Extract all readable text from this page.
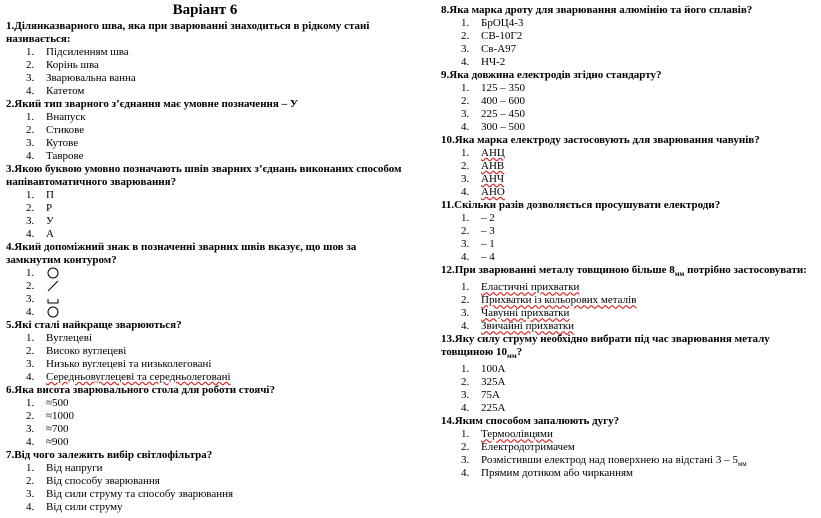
Варіант 6
1.Ділянказварного шва, яка при зварюванні знаходиться в рідкому стані називається:
1. Підсиленням шва
2. Корінь шва
3. Зварювальна ванна
4. Катетом
2.Який тип зварного з’єднання має умовне позначення – У
1. Внапуск
2. Стикове
3. Кутове
4. Таврове
3.Якою буквою умовно позначають швів зварних з’єднань виконаних способом напівавтоматичного зварювання?
1. П
2. Р
3. У
4. А
4.Який допоміжний знак в позначенні зварних швів вказує, що шов за замкнутим контуром?
1.
2.
3.
4.
5.Які сталі найкраще зварюються?
1. Вуглецеві
2. Високо вуглецеві
3. Низько вуглецеві та низьколеговані
4. Середньовуглецеві та середньолеговані
6.Яка висота зварювального стола для роботи стоячі?
1. ≈500
2. ≈1000
3. ≈700
4. ≈900
7.Від чого залежить вибір світлофільтра?
1. Від напруги
2. Від способу зварювання
3. Від сили струму та способу зварювання
4. Від сили струму
8.Яка марка дроту для зварювання алюмінію та його сплавів?
1. БрОЦ4-3
2. СВ-10Г2
3. Св-А97
4. НЧ-2
9.Яка довжина електродів згідно стандарту?
1. 125 – 350
2. 400 – 600
3. 225 – 450
4. 300 – 500
10.Яка марка електроду застосовують для зварювання чавунів?
1. АНЦ
2. АНВ
3. АНЧ
4. АНО
11.Скільки разів дозволяється просушувати електроди?
1. – 2
2. – 3
3. – 1
4. – 4
12.При зварюванні металу товщиною більше $8_{мм}$ потрібно застосовувати:
1. Еластичні прихватки
2. Прихватки із кольорових металів
3. Чавунні прихватки
4. Звичайні прихватки
13.Яку силу струму необхідно вибрати під час зварювання металу товщиною $10_{мм}$?
1. 100А
2. 325А
3. 75А
4. 225А
14.Яким способом запалюють дугу?
1. Термоолівцями
2. Електродотримачем
3. Розмістивши електрод над поверхнею на відстані $3 - 5_{мм}$
4. Прямим дотиком або чирканням
